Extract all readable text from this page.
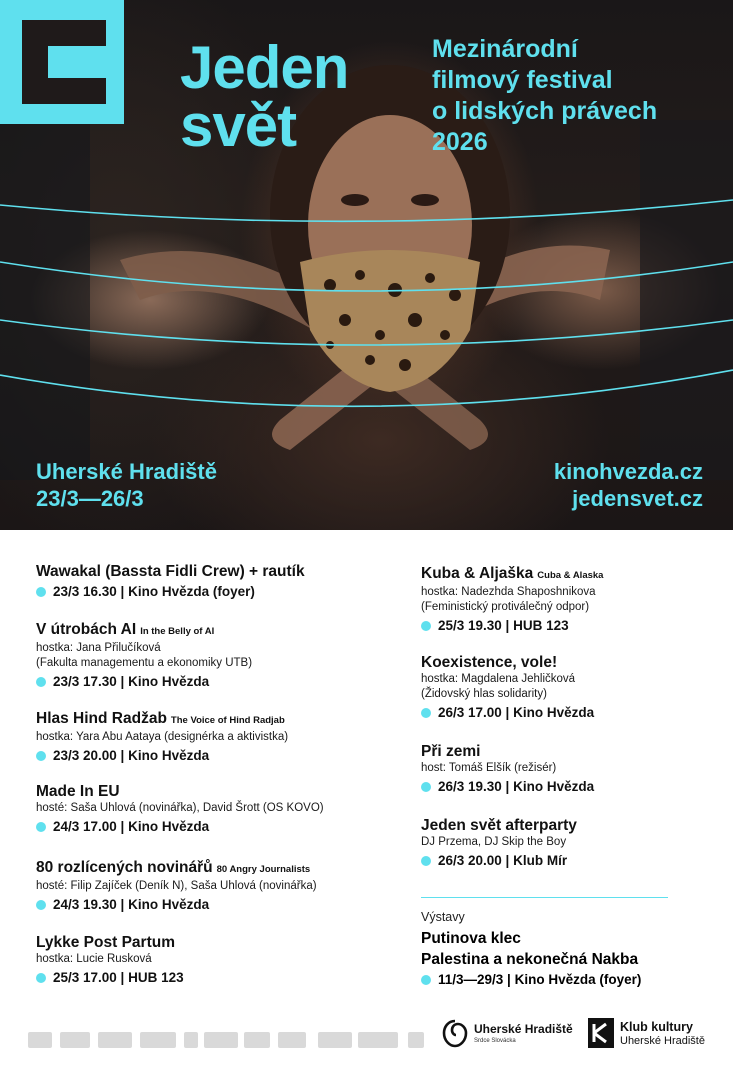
Jeden
svět
Mezinárodní
filmový festival
o lidských právech
2026
Uherské Hradiště
23/3—26/3
kinohvezda.cz
jedensvet.cz
Wawakal (Bassta Fidli Crew) + rautík
23/3 16.30 | Kino Hvězda (foyer)
V útrobách AI In the Belly of AI
hostka: Jana Přilučíková
(Fakulta managementu a ekonomiky UTB)
23/3 17.30 | Kino Hvězda
Hlas Hind Radžab The Voice of Hind Radjab
hostka: Yara Abu Aataya (designérka a aktivistka)
23/3 20.00 | Kino Hvězda
Made In EU
hosté: Saša Uhlová (novinářka), David Šrott (OS KOVO)
24/3 17.00 | Kino Hvězda
80 rozlícených novinářů 80 Angry Journalists
hosté: Filip Zajíček (Deník N), Saša Uhlová (novinářka)
24/3 19.30 | Kino Hvězda
Lykke Post Partum
hostka: Lucie Rusková
25/3 17.00 | HUB 123
Kuba & Aljaška Cuba & Alaska
hostka: Nadezhda Shaposhnikova
(Feministický protiválečný odpor)
25/3 19.30 | HUB 123
Koexistence, vole!
hostka: Magdalena Jehličková
(Židovský hlas solidarity)
26/3 17.00 | Kino Hvězda
Při zemi
host: Tomáš Elšík (režisér)
26/3 19.30 | Kino Hvězda
Jeden svět afterparty
DJ Przema, DJ Skip the Boy
26/3 20.00 | Klub Mír
Výstavy
Putinova klec
Palestina a nekonečná Nakba
11/3—29/3 | Kino Hvězda (foyer)
Uherské Hradiště
Srdce Slovácka
Klub kultury
Uherské Hradiště
